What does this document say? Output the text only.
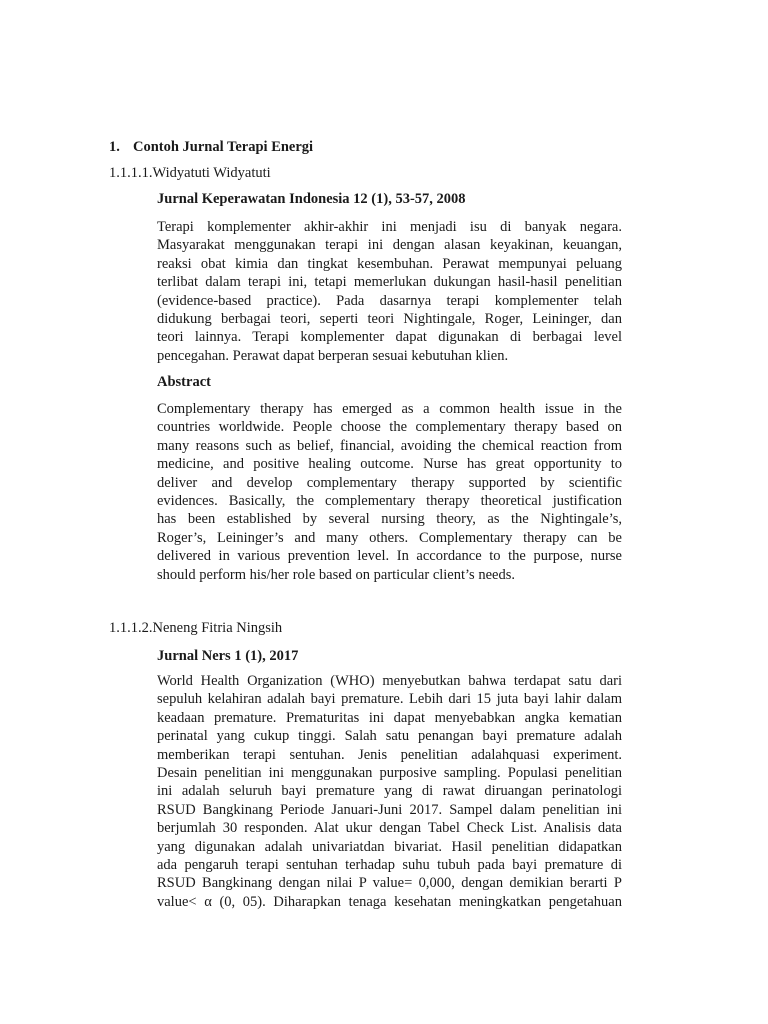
1. Contoh Jurnal Terapi Energi
1.1.1.1.Widyatuti Widyatuti

Jurnal Keperawatan Indonesia 12 (1), 53-57, 2008

Terapi komplementer akhir-akhir ini menjadi isu di banyak negara.
Masyarakat menggunakan terapi ini dengan alasan keyakinan, keuangan,
reaksi obat kimia dan tingkat kesembuhan. Perawat mempunyai peluang
terlibat dalam terapi ini, tetapi memerlukan dukungan hasil-hasil penelitian
(evidence-based practice). Pada dasarnya terapi komplementer telah
didukung berbagai teori, seperti teori Nightingale, Roger, Leininger, dan
teori lainnya. Terapi komplementer dapat digunakan di berbagai level
pencegahan. Perawat dapat berperan sesuai kebutuhan klien.

Abstract

Complementary therapy has emerged as a common health issue in the
countries worldwide. People choose the complementary therapy based on
many reasons such as belief, financial, avoiding the chemical reaction from
medicine, and positive healing outcome. Nurse has great opportunity to
deliver and develop complementary therapy supported by scientific
evidences. Basically, the complementary therapy theoretical justification
has been established by several nursing theory, as the Nightingale’s,
Roger’s, Leininger’s and many others. Complementary therapy can be
delivered in various prevention level. In accordance to the purpose, nurse
should perform his/her role based on particular client’s needs.

1.1.1.2.Neneng Fitria Ningsih

Jurnal Ners 1 (1), 2017

World Health Organization (WHO) menyebutkan bahwa terdapat satu dari
sepuluh kelahiran adalah bayi premature. Lebih dari 15 juta bayi lahir dalam
keadaan premature. Prematuritas ini dapat menyebabkan angka kematian
perinatal yang cukup tinggi. Salah satu penangan bayi premature adalah
memberikan terapi sentuhan. Jenis penelitian adalahquasi experiment.
Desain penelitian ini menggunakan purposive sampling. Populasi penelitian
ini adalah seluruh bayi premature yang di rawat diruangan perinatologi
RSUD Bangkinang Periode Januari-Juni 2017. Sampel dalam penelitian ini
berjumlah 30 responden. Alat ukur dengan Tabel Check List. Analisis data
yang digunakan adalah univariatdan bivariat. Hasil penelitian didapatkan
ada pengaruh terapi sentuhan terhadap suhu tubuh pada bayi premature di
RSUD Bangkinang dengan nilai P value= 0,000, dengan demikian berarti P
value< α (0, 05). Diharapkan tenaga kesehatan meningkatkan pengetahuan
